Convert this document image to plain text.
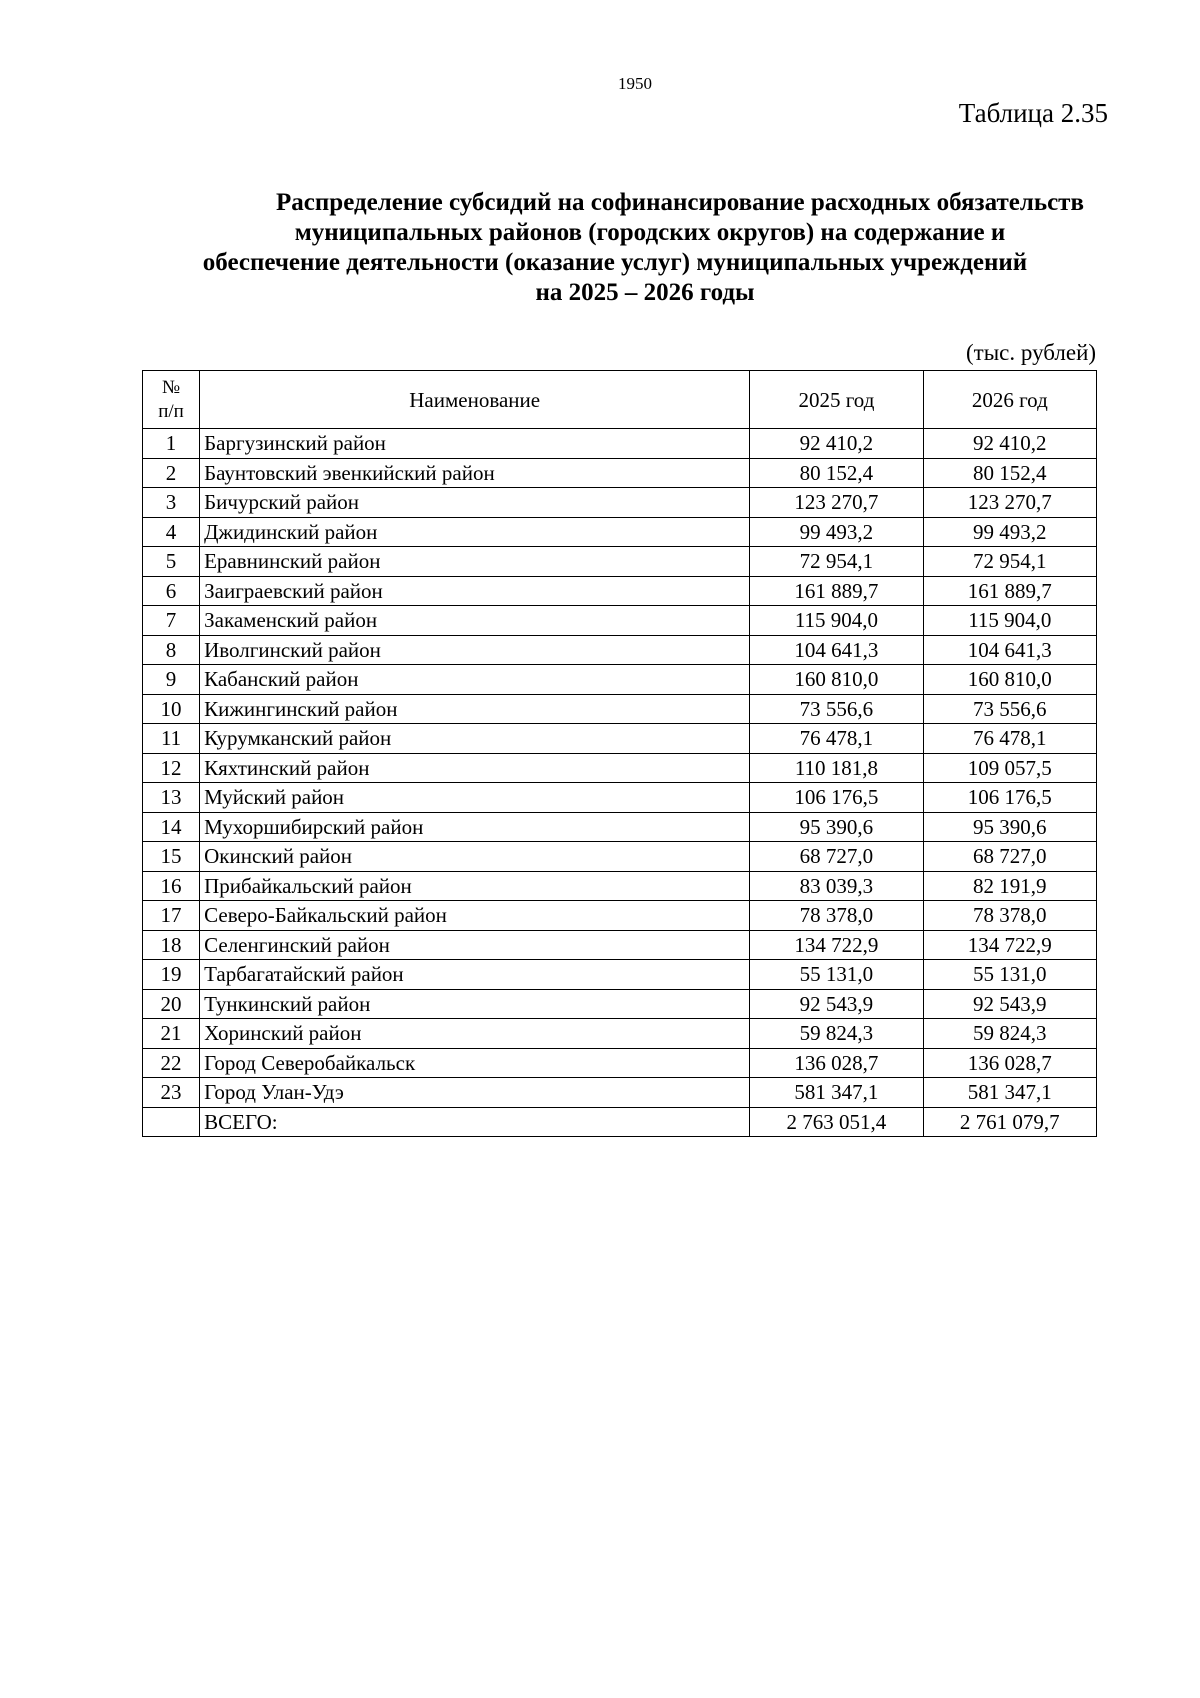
1950
Таблица 2.35
Распределение субсидий на софинансирование расходных обязательств
муниципальных районов (городских округов) на содержание и
обеспечение деятельности (оказание услуг) муниципальных учреждений
на 2025 – 2026 годы
(тыс. рублей)
№
п/п	Наименование	2025 год	2026 год
1	Баргузинский район	92 410,2	92 410,2
2	Баунтовский эвенкийский район	80 152,4	80 152,4
3	Бичурский район	123 270,7	123 270,7
4	Джидинский район	99 493,2	99 493,2
5	Еравнинский район	72 954,1	72 954,1
6	Заиграевский район	161 889,7	161 889,7
7	Закаменский район	115 904,0	115 904,0
8	Иволгинский район	104 641,3	104 641,3
9	Кабанский район	160 810,0	160 810,0
10	Кижингинский район	73 556,6	73 556,6
11	Курумканский район	76 478,1	76 478,1
12	Кяхтинский район	110 181,8	109 057,5
13	Муйский район	106 176,5	106 176,5
14	Мухоршибирский район	95 390,6	95 390,6
15	Окинский район	68 727,0	68 727,0
16	Прибайкальский район	83 039,3	82 191,9
17	Северо-Байкальский район	78 378,0	78 378,0
18	Селенгинский район	134 722,9	134 722,9
19	Тарбагатайский район	55 131,0	55 131,0
20	Тункинский район	92 543,9	92 543,9
21	Хоринский район	59 824,3	59 824,3
22	Город Северобайкальск	136 028,7	136 028,7
23	Город Улан-Удэ	581 347,1	581 347,1
	ВСЕГО:	2 763 051,4	2 761 079,7
